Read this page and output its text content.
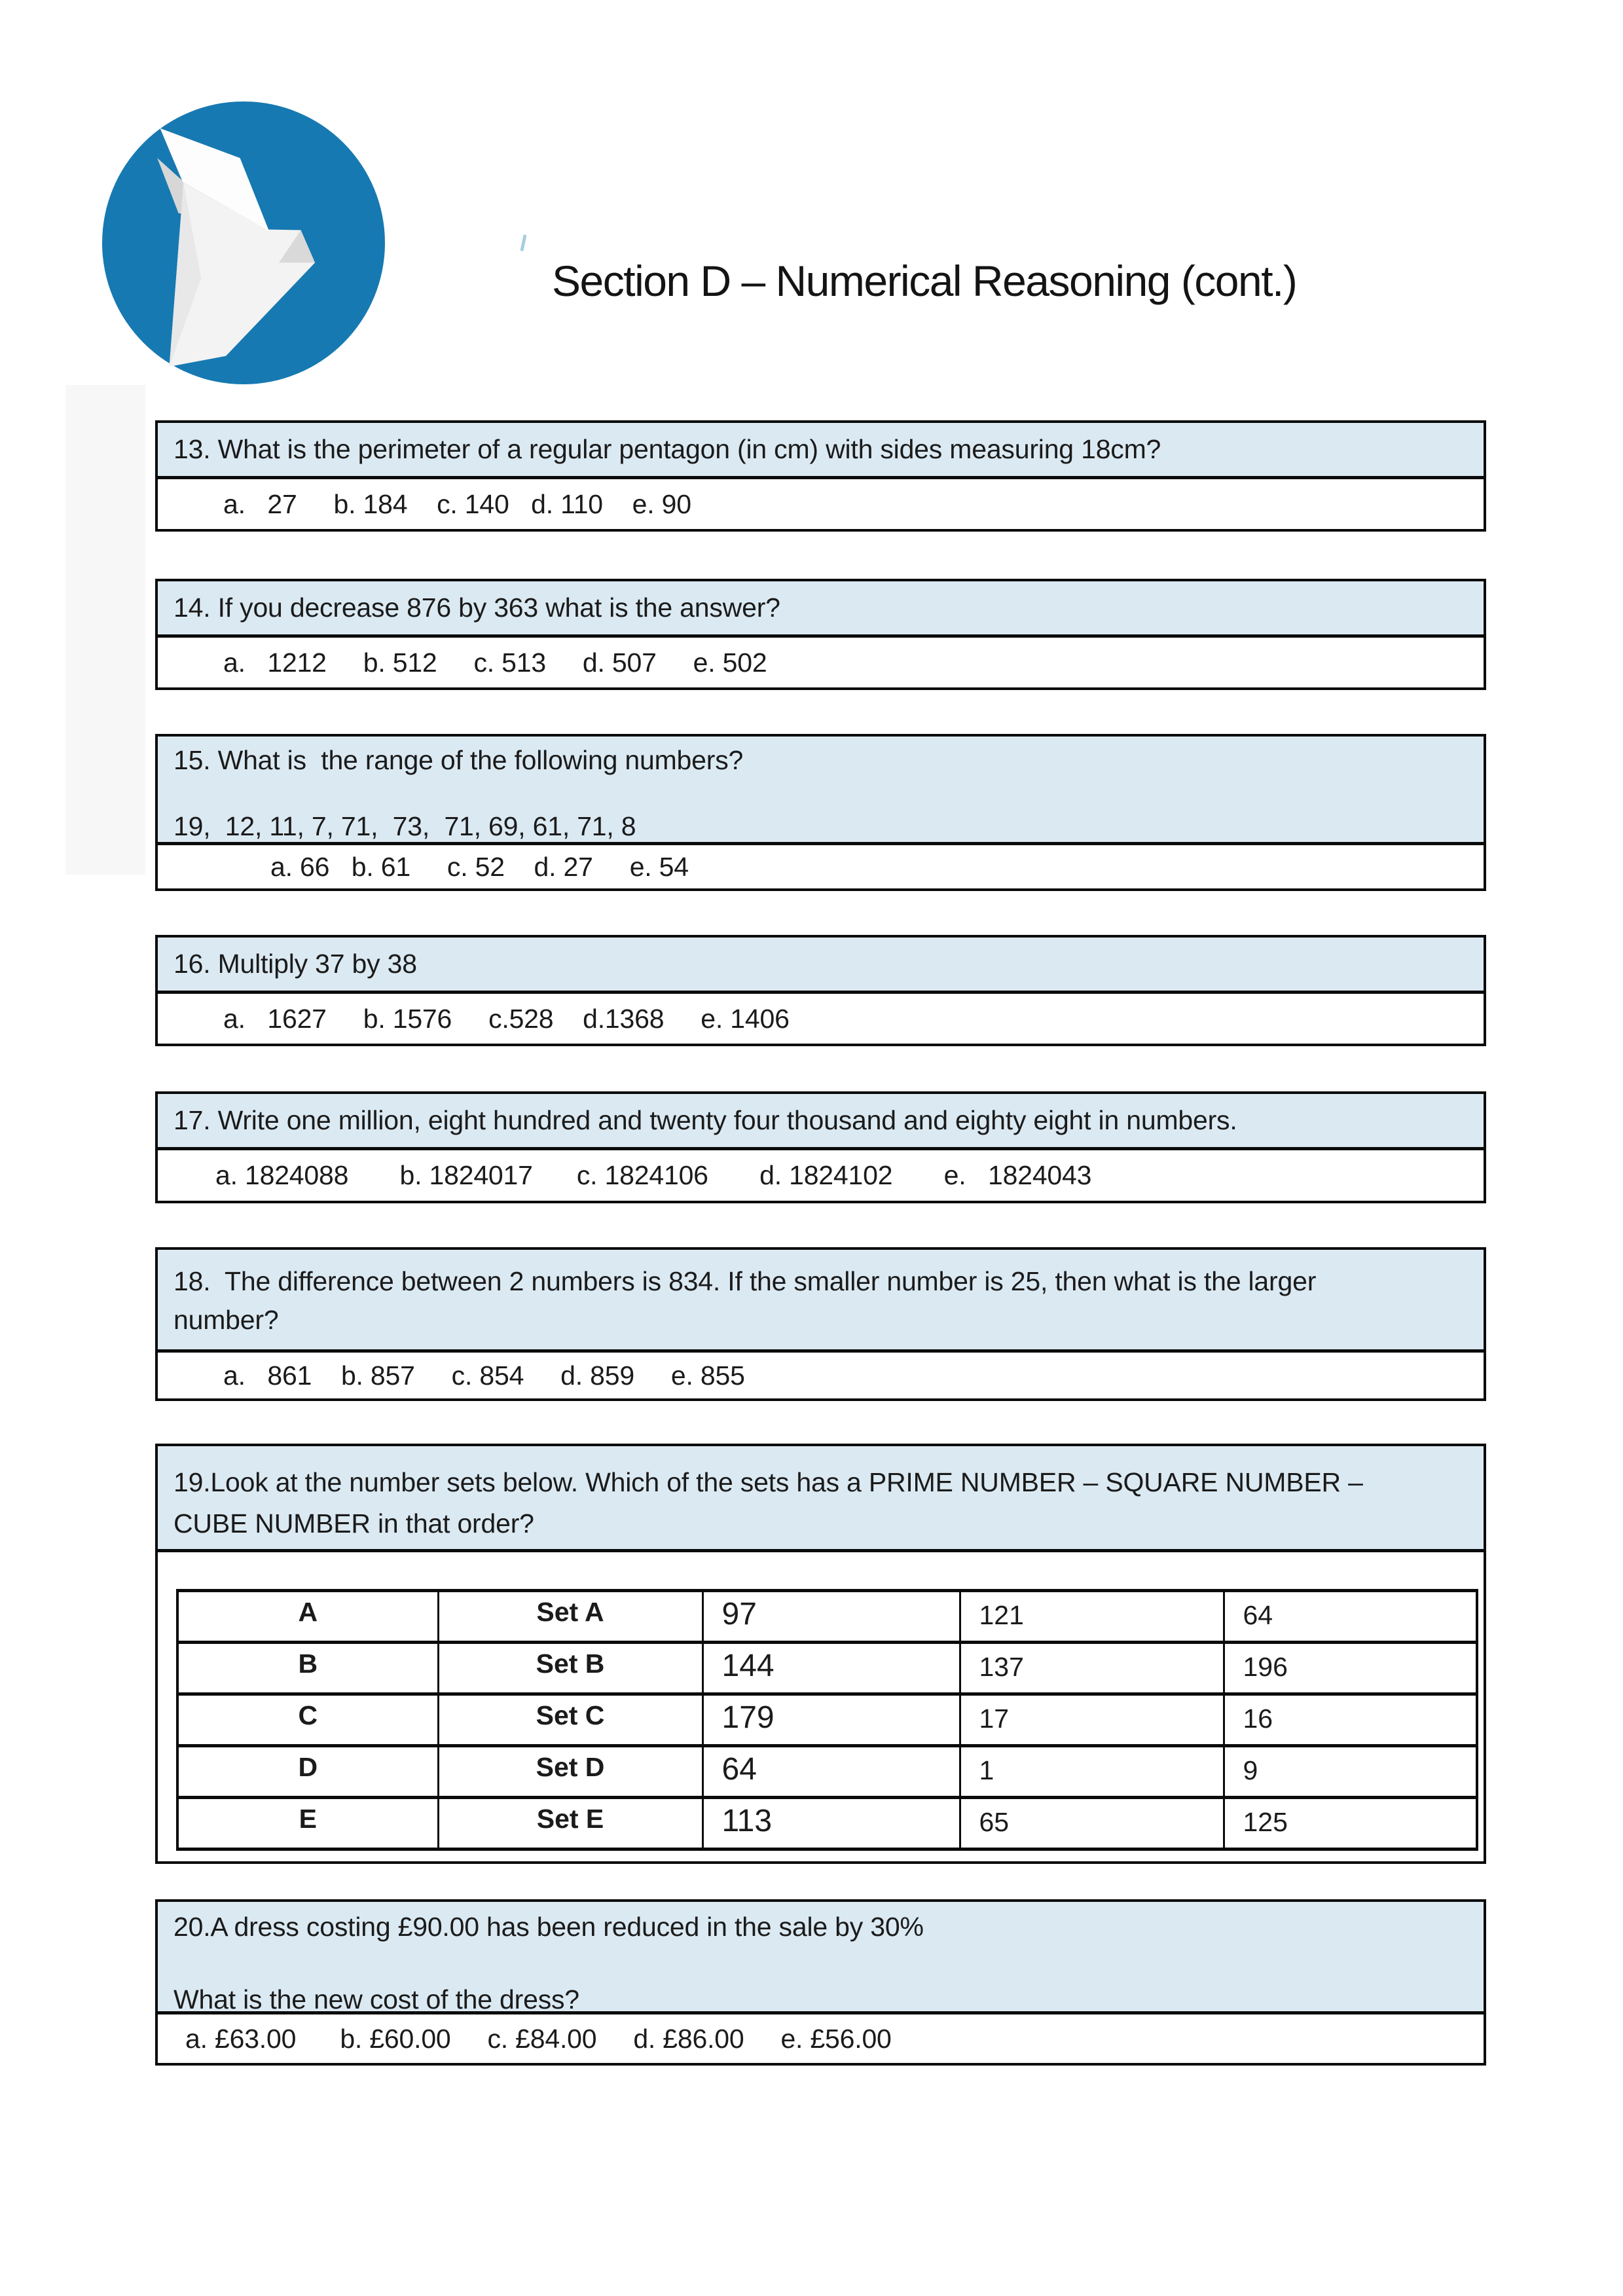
Section D – Numerical Reasoning (cont.)
13. What is the perimeter of a regular pentagon (in cm) with sides measuring 18cm?
a.   27     b. 184    c. 140   d. 110    e. 90
14. If you decrease 876 by 363 what is the answer?
a.   1212     b. 512     c. 513     d. 507     e. 502
15. What is  the range of the following numbers?
19,  12, 11, 7, 71,  73,  71, 69, 61, 71, 8
a. 66   b. 61     c. 52    d. 27     e. 54
16. Multiply 37 by 38
a.   1627     b. 1576     c.528    d.1368     e. 1406
17. Write one million, eight hundred and twenty four thousand and eighty eight in numbers.
a. 1824088       b. 1824017      c. 1824106       d. 1824102       e.   1824043
18.  The difference between 2 numbers is 834. If the smaller number is 25, then what is the larger
number?
a.   861    b. 857     c. 854     d. 859     e. 855
19.Look at the number sets below. Which of the sets has a PRIME NUMBER – SQUARE NUMBER –
CUBE NUMBER in that order?
A	Set A	97	121	64
B	Set B	144	137	196
C	Set C	179	17	16
D	Set D	64	1	9
E	Set E	113	65	125
20.A dress costing £90.00 has been reduced in the sale by 30%
What is the new cost of the dress?
a. £63.00      b. £60.00     c. £84.00     d. £86.00     e. £56.00
